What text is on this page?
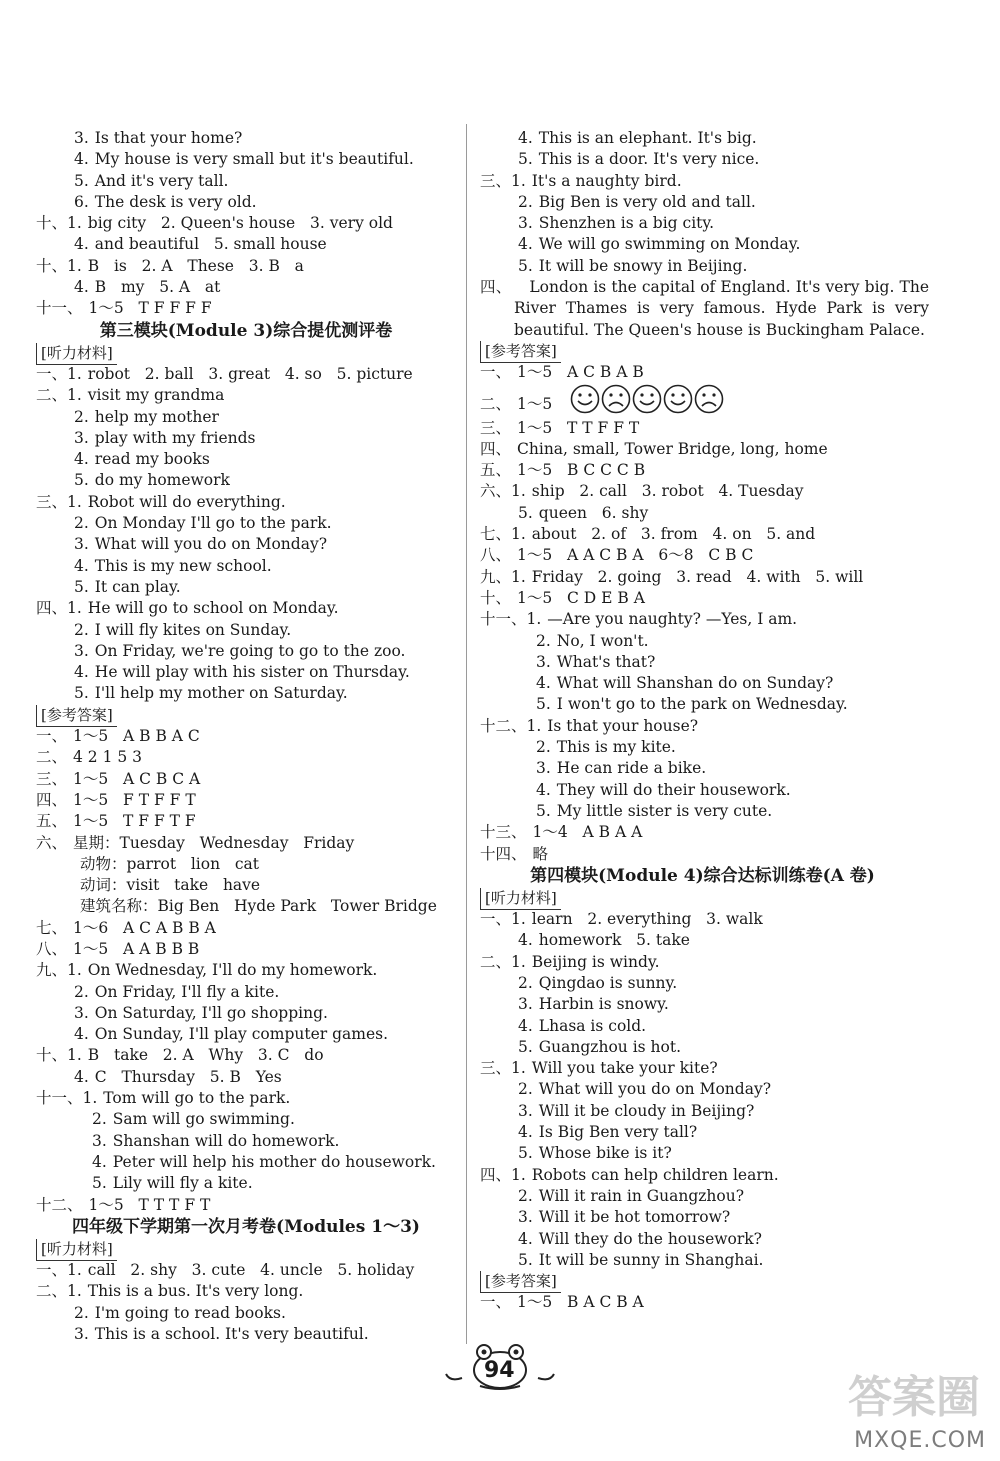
3. Is that your home?
4. My house is very small but it's beautiful.
5. And it's very tall.
6. The desk is very old.
十、1. big city   2. Queen's house   3. very old
4. and beautiful   5. small house
十、1. B   is   2. A   These   3. B   a
4. B   my   5. A   at
十一、 1～5   T F F F F
第三模块(Module 3)综合提优测评卷
[听力材料]
一、1. robot   2. ball   3. great   4. so   5. picture
二、1. visit my grandma
2. help my mother
3. play with my friends
4. read my books
5. do my homework
三、1. Robot will do everything.
2. On Monday I'll go to the park.
3. What will you do on Monday?
4. This is my new school.
5. It can play.
四、1. He will go to school on Monday.
2. I will fly kites on Sunday.
3. On Friday, we're going to go to the zoo.
4. He will play with his sister on Thursday.
5. I'll help my mother on Saturday.
[参考答案]
一、 1～5   A B B A C
二、 4 2 1 5 3
三、 1～5   A C B C A
四、 1～5   F T F F T
五、 1～5   T F F T F
六、 星期：Tuesday   Wednesday   Friday
动物：parrot   lion   cat
动词：visit   take   have
建筑名称：Big Ben   Hyde Park   Tower Bridge
七、 1～6   A C A B B A
八、 1～5   A A B B B
九、1. On Wednesday, I'll do my homework.
2. On Friday, I'll fly a kite.
3. On Saturday, I'll go shopping.
4. On Sunday, I'll play computer games.
十、1. B   take   2. A   Why   3. C   do
4. C   Thursday   5. B   Yes
十一、1. Tom will go to the park.
2. Sam will go swimming.
3. Shanshan will do homework.
4. Peter will help his mother do housework.
5. Lily will fly a kite.
十二、 1～5   T T T F T
四年级下学期第一次月考卷(Modules 1～3)
[听力材料]
一、1. call   2. shy   3. cute   4. uncle   5. holiday
二、1. This is a bus. It's very long.
2. I'm going to read books.
3. This is a school. It's very beautiful.
4. This is an elephant. It's big.
5. This is a door. It's very nice.
三、1. It's a naughty bird.
2. Big Ben is very old and tall.
3. Shenzhen is a big city.
4. We will go swimming on Monday.
5. It will be snowy in Beijing.
四、 London is the capital of England. It's very big. The River Thames is very famous. Hyde Park is very beautiful. The Queen's house is Buckingham Palace.
[参考答案]
一、 1～5   A C B A B
二、 1～5
三、 1～5   T T F F T
四、 China, small, Tower Bridge, long, home
五、 1～5   B C C C B
六、1. ship   2. call   3. robot   4. Tuesday
5. queen   6. shy
七、1. about   2. of   3. from   4. on   5. and
八、 1～5   A A C B A   6～8   C B C
九、1. Friday   2. going   3. read   4. with   5. will
十、 1～5   C D E B A
十一、1. —Are you naughty? —Yes, I am.
2. No, I won't.
3. What's that?
4. What will Shanshan do on Sunday?
5. I won't go to the park on Wednesday.
十二、1. Is that your house?
2. This is my kite.
3. He can ride a bike.
4. They will do their housework.
5. My little sister is very cute.
十三、 1～4   A B A A
十四、 略
第四模块(Module 4)综合达标训练卷(A 卷)
[听力材料]
一、1. learn   2. everything   3. walk
4. homework   5. take
二、1. Beijing is windy.
2. Qingdao is sunny.
3. Harbin is snowy.
4. Lhasa is cold.
5. Guangzhou is hot.
三、1. Will you take your kite?
2. What will you do on Monday?
3. Will it be cloudy in Beijing?
4. Is Big Ben very tall?
5. Whose bike is it?
四、1. Robots can help children learn.
2. Will it rain in Guangzhou?
3. Will it be hot tomorrow?
4. Will they do the housework?
5. It will be sunny in Shanghai.
[参考答案]
一、 1～5   B A C B A
94
答案圈
MXQE.COM
